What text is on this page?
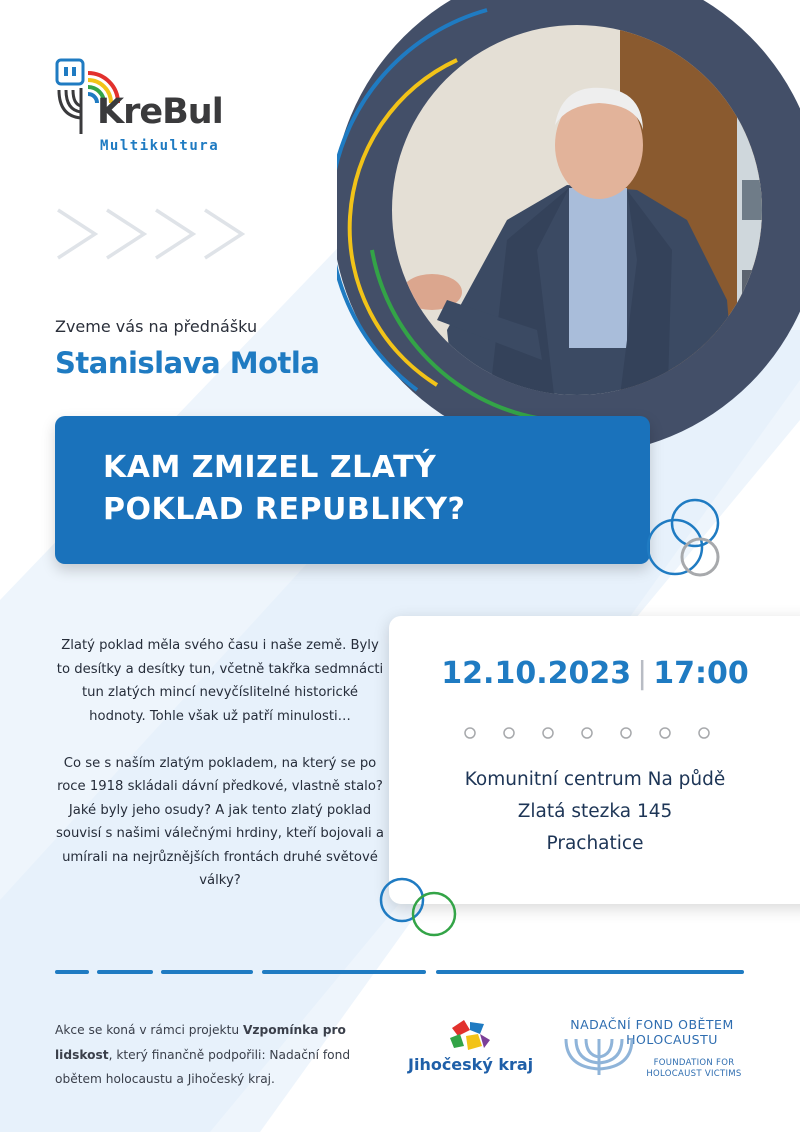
KreBul
Multikultura
Zveme vás na přednášku
Stanislava Motla
KAM ZMIZEL ZLATÝ
POKLAD REPUBLIKY?

Zlatý poklad měla svého času i naše země. Byly to desítky a desítky tun, včetně takřka sedmnácti tun zlatých mincí nevyčíslitelné historické hodnoty. Tohle však už patří minulosti…

Co se s naším zlatým pokladem, na který se po roce 1918 skládali dávní předkové, vlastně stalo? Jaké byly jeho osudy? A jak tento zlatý poklad souvisí s našimi válečnými hrdiny, kteří bojovali a umírali na nejrůznějších frontách druhé světové války?

12.10.2023 | 17:00
Komunitní centrum Na půdě
Zlatá stezka 145
Prachatice
Akce se koná v rámci projektu Vzpomínka pro lidskost, který finančně podpořili: Nadační fond obětem holocaustu a Jihočeský kraj.
Jihočeský kraj
NADAČNÍ FOND OBĚTEM
HOLOCAUSTU
FOUNDATION FOR
HOLOCAUST VICTIMS
